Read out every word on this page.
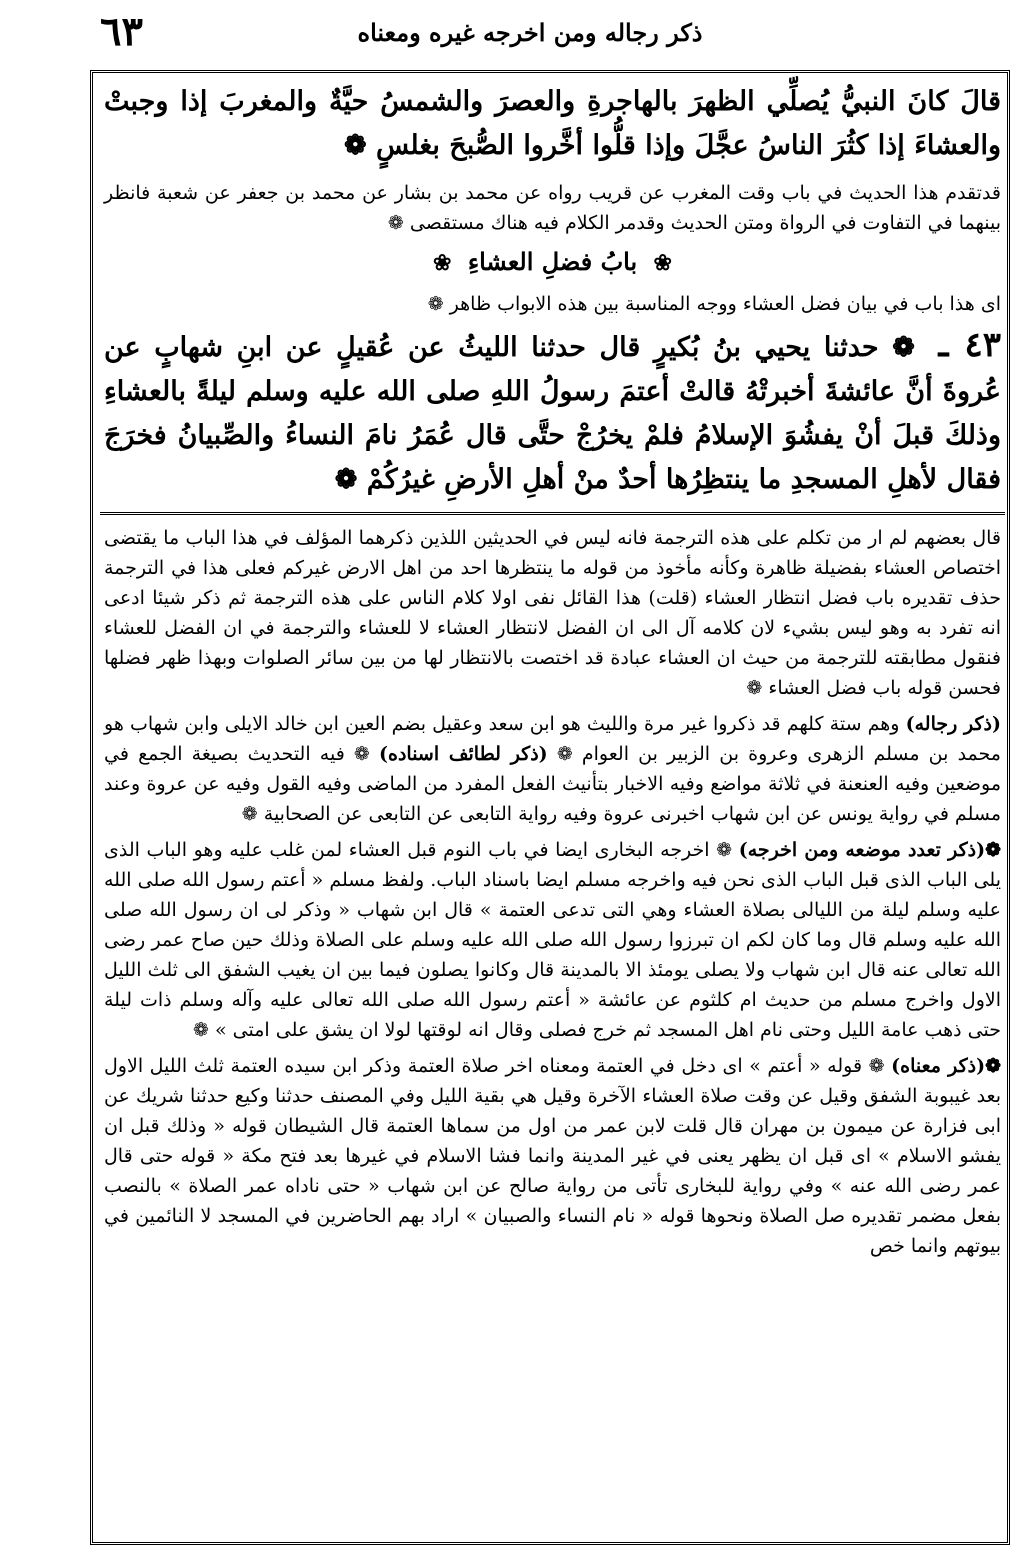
٦٣	ذكر رجاله ومن اخرجه غيره ومعناه
قالَ كانَ النبيُّ يُصلِّي الظهرَ بالهاجرةِ والعصرَ والشمسُ حيَّةٌ والمغربَ إذا وجبتْ والعشاءَ إذا كثُرَ الناسُ عجَّلَ وإذا قلُّوا أخَّروا الصُّبحَ بغلسٍ ❁
قدتقدم هذا الحديث في باب وقت المغرب عن قريب رواه عن محمد بن بشار عن محمد بن جعفر عن شعبة فانظر بينهما في التفاوت في الرواة ومتن الحديث وقدمر الكلام فيه هناك مستقصى ❁
❀ بابُ فضلِ العشاءِ ❀
اى هذا باب في بيان فضل العشاء ووجه المناسبة بين هذه الابواب ظاهر ❁
٤٣ ـ ❁ حدثنا يحيي بنُ بُكيرٍ قال حدثنا الليثُ عن عُقيلٍ عن ابنِ شهابٍ عن عُروةَ أنَّ عائشةَ أخبرتْهُ قالتْ أعتمَ رسولُ اللهِ صلى الله عليه وسلم ليلةً بالعشاءِ وذلكَ قبلَ أنْ يفشُوَ الإسلامُ فلمْ يخرُجْ حتَّى قال عُمَرُ نامَ النساءُ والصِّبيانُ فخرَجَ فقال لأهلِ المسجدِ ما ينتظِرُها أحدٌ منْ أهلِ الأرضِ غيرُكُمْ ❁
قال بعضهم لم ار من تكلم على هذه الترجمة فانه ليس في الحديثين اللذين ذكرهما المؤلف في هذا الباب ما يقتضى اختصاص العشاء بفضيلة ظاهرة وكأنه مأخوذ من قوله ما ينتظرها احد من اهل الارض غيركم فعلى هذا في الترجمة حذف تقديره باب فضل انتظار العشاء (قلت) هذا القائل نفى اولا كلام الناس على هذه الترجمة ثم ذكر شيئا ادعى انه تفرد به وهو ليس بشيء لان كلامه آل الى ان الفضل لانتظار العشاء لا للعشاء والترجمة في ان الفضل للعشاء فنقول مطابقته للترجمة من حيث ان العشاء عبادة قد اختصت بالانتظار لها من بين سائر الصلوات وبهذا ظهر فضلها فحسن قوله باب فضل العشاء ❁
(ذكر رجاله) وهم ستة كلهم قد ذكروا غير مرة والليث هو ابن سعد وعقيل بضم العين ابن خالد الايلى وابن شهاب هو محمد بن مسلم الزهرى وعروة بن الزبير بن العوام ❁ (ذكر لطائف اسناده) ❁ فيه التحديث بصيغة الجمع في موضعين وفيه العنعنة في ثلاثة مواضع وفيه الاخبار بتأنيث الفعل المفرد من الماضى وفيه القول وفيه عن عروة وعند مسلم في رواية يونس عن ابن شهاب اخبرنى عروة وفيه رواية التابعى عن التابعى عن الصحابية ❁
❁(ذكر تعدد موضعه ومن اخرجه) ❁ اخرجه البخارى ايضا في باب النوم قبل العشاء لمن غلب عليه وهو الباب الذى يلى الباب الذى قبل الباب الذى نحن فيه واخرجه مسلم ايضا باسناد الباب. ولفظ مسلم « أعتم رسول الله صلى الله عليه وسلم ليلة من الليالى بصلاة العشاء وهي التى تدعى العتمة » قال ابن شهاب « وذكر لى ان رسول الله صلى الله عليه وسلم قال وما كان لكم ان تبرزوا رسول الله صلى الله عليه وسلم على الصلاة وذلك حين صاح عمر رضى الله تعالى عنه قال ابن شهاب ولا يصلى يومئذ الا بالمدينة قال وكانوا يصلون فيما بين ان يغيب الشفق الى ثلث الليل الاول واخرج مسلم من حديث ام كلثوم عن عائشة « أعتم رسول الله صلى الله تعالى عليه وآله وسلم ذات ليلة حتى ذهب عامة الليل وحتى نام اهل المسجد ثم خرج فصلى وقال انه لوقتها لولا ان يشق على امتى » ❁
❁(ذكر معناه) ❁ قوله « أعتم » اى دخل في العتمة ومعناه اخر صلاة العتمة وذكر ابن سيده العتمة ثلث الليل الاول بعد غيبوبة الشفق وقيل عن وقت صلاة العشاء الآخرة وقيل هي بقية الليل وفي المصنف حدثنا وكيع حدثنا شريك عن ابى فزارة عن ميمون بن مهران قال قلت لابن عمر من اول من سماها العتمة قال الشيطان قوله « وذلك قبل ان يفشو الاسلام » اى قبل ان يظهر يعنى في غير المدينة وانما فشا الاسلام في غيرها بعد فتح مكة « قوله حتى قال عمر رضى الله عنه » وفي رواية للبخارى تأتى من رواية صالح عن ابن شهاب « حتى ناداه عمر الصلاة » بالنصب بفعل مضمر تقديره صل الصلاة ونحوها قوله « نام النساء والصبيان » اراد بهم الحاضرين في المسجد لا النائمين في بيوتهم وانما خص
